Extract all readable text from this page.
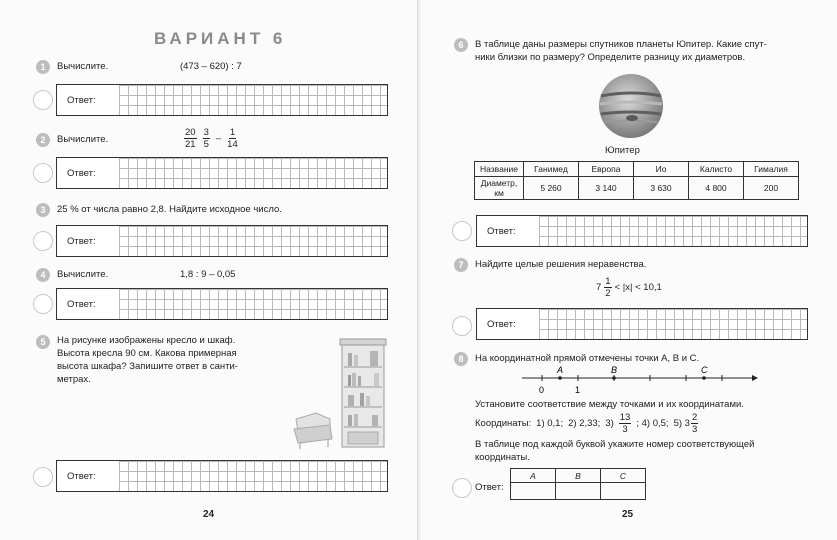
ВАРИАНТ 6
1	Вычислите.	(473 – 620) : 7
Ответ:
2	Вычислите.	$\frac{20}{21} \frac{3}{5} - \frac{1}{14}$
Ответ:
3	25 % от числа равно 2,8. Найдите исходное число.
Ответ:
4	Вычислите.	1,8 : 9 – 0,05
Ответ:
5	На рисунке изображены кресло и шкаф.
Высота кресла 90 см. Какова примерная
высота шкафа? Запишите ответ в санти-
метрах.
Ответ:
24
6	В таблице даны размеры спутников планеты Юпитер. Какие спут-
ники близки по размеру? Определите разницу их диаметров.
Юпитер
Название	Ганимед	Европа	Ио	Калисто	Гималия

Диаметр,
км	5 260	3 140	3 630	4 800	200
Ответ:
7	Найдите целые решения неравенства.
$7 \frac{1}{2} < |x| < 10,1$
Ответ:
8	На координатной прямой отмечены точки A, B и C.
0	1
A	B	C
Установите соответствие между точками и их координатами.
Координаты: 1) 0,1; 2) 2,33; $3) \frac{13}{3}$ ; 4) 0,5; 5) $3 \frac{2}{3}$
В таблице под каждой буквой укажите номер соответствующей
координаты.
Ответ:
A	B	C

25
